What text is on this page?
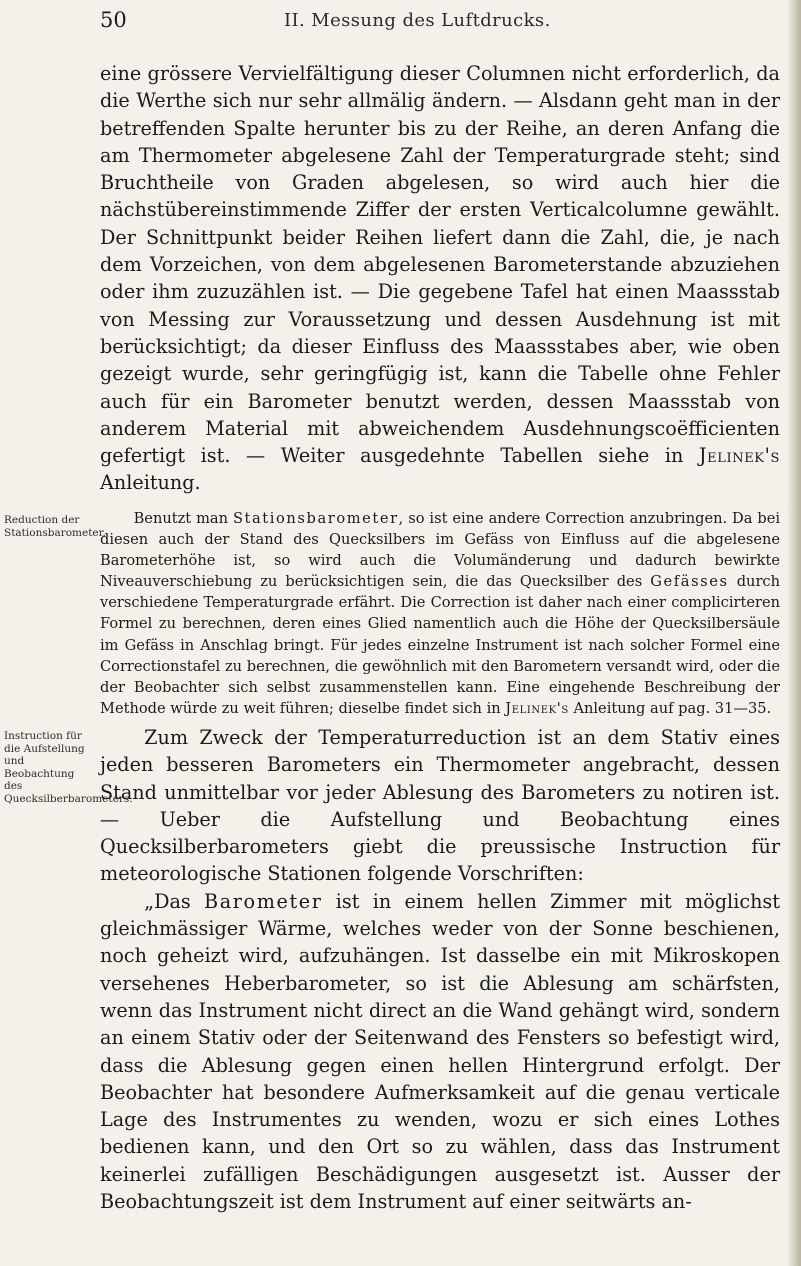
50	II. Messung des Luftdrucks.

eine grössere Vervielfältigung dieser Columnen nicht erforderlich, da die Werthe sich nur sehr allmälig ändern. — Alsdann geht man in der betreffenden Spalte herunter bis zu der Reihe, an deren Anfang die am Thermometer abgelesene Zahl der Temperaturgrade steht; sind Bruchtheile von Graden abgelesen, so wird auch hier die nächstübereinstimmende Ziffer der ersten Verticalcolumne gewählt. Der Schnittpunkt beider Reihen liefert dann die Zahl, die, je nach dem Vorzeichen, von dem abgelesenen Barometerstande abzuziehen oder ihm zuzuzählen ist. — Die gegebene Tafel hat einen Maassstab von Messing zur Voraussetzung und dessen Ausdehnung ist mit berücksichtigt; da dieser Einfluss des Maassstabes aber, wie oben gezeigt wurde, sehr geringfügig ist, kann die Tabelle ohne Fehler auch für ein Barometer benutzt werden, dessen Maassstab von anderem Material mit abweichendem Ausdehnungscoëfficienten gefertigt ist. — Weiter ausgedehnte Tabellen siehe in Jelinek's Anleitung.

Reduction der Stationsbarometer.

Benutzt man Stationsbarometer, so ist eine andere Correction anzubringen. Da bei diesen auch der Stand des Quecksilbers im Gefäss von Einfluss auf die abgelesene Barometerhöhe ist, so wird auch die Volumänderung und dadurch bewirkte Niveauverschiebung zu berücksichtigen sein, die das Quecksilber des Gefässes durch verschiedene Temperaturgrade erfährt. Die Correction ist daher nach einer complicirteren Formel zu berechnen, deren eines Glied namentlich auch die Höhe der Quecksilbersäule im Gefäss in Anschlag bringt. Für jedes einzelne Instrument ist nach solcher Formel eine Correctionstafel zu berechnen, die gewöhnlich mit den Barometern versandt wird, oder die der Beobachter sich selbst zusammenstellen kann. Eine eingehende Beschreibung der Methode würde zu weit führen; dieselbe findet sich in Jelinek's Anleitung auf pag. 31—35.

Instruction für die Aufstellung und Beobachtung des Quecksilberbarometers.

Zum Zweck der Temperaturreduction ist an dem Stativ eines jeden besseren Barometers ein Thermometer angebracht, dessen Stand unmittelbar vor jeder Ablesung des Barometers zu notiren ist. — Ueber die Aufstellung und Beobachtung eines Quecksilberbarometers giebt die preussische Instruction für meteorologische Stationen folgende Vorschriften:

„Das Barometer ist in einem hellen Zimmer mit möglichst gleichmässiger Wärme, welches weder von der Sonne beschienen, noch geheizt wird, aufzuhängen. Ist dasselbe ein mit Mikroskopen versehenes Heberbarometer, so ist die Ablesung am schärfsten, wenn das Instrument nicht direct an die Wand gehängt wird, sondern an einem Stativ oder der Seitenwand des Fensters so befestigt wird, dass die Ablesung gegen einen hellen Hintergrund erfolgt. Der Beobachter hat besondere Aufmerksamkeit auf die genau verticale Lage des Instrumentes zu wenden, wozu er sich eines Lothes bedienen kann, und den Ort so zu wählen, dass das Instrument keinerlei zufälligen Beschädigungen ausgesetzt ist. Ausser der Beobachtungszeit ist dem Instrument auf einer seitwärts an-
